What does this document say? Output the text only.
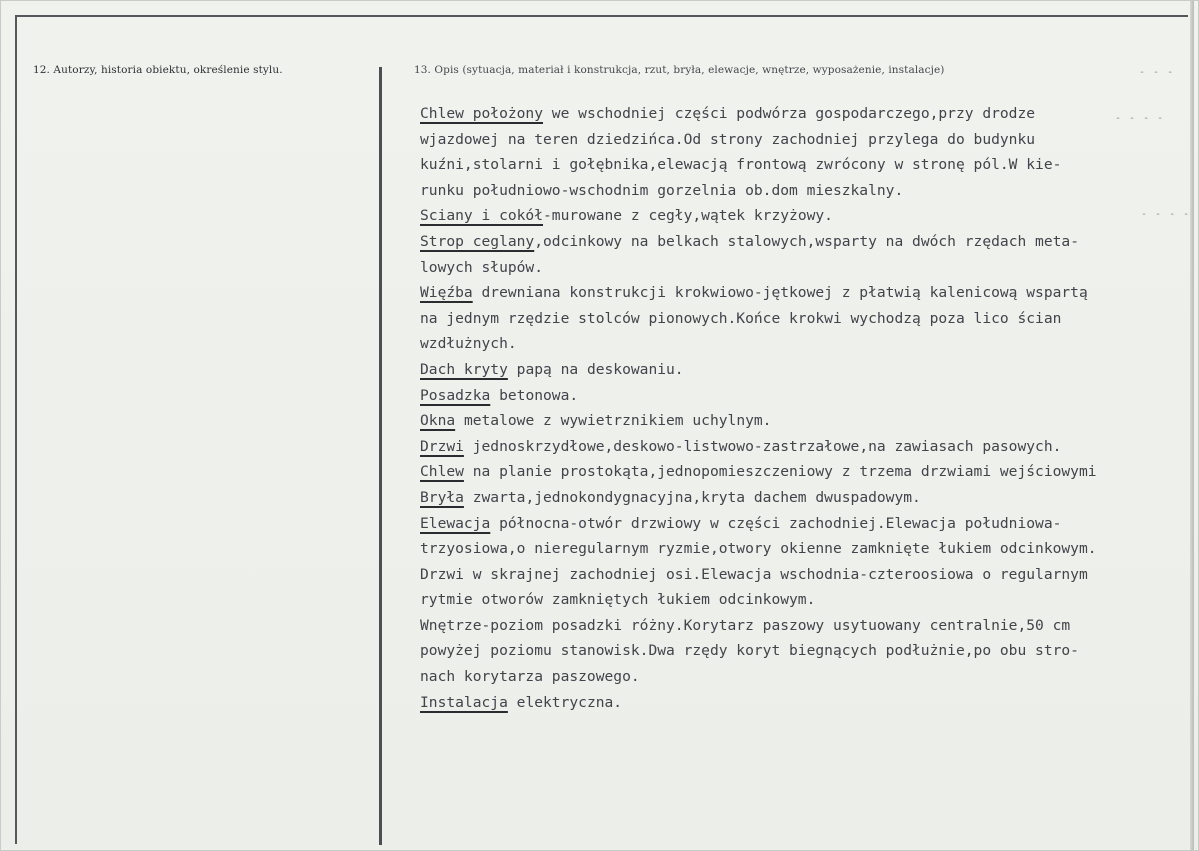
12. Autorzy, historia obiektu, określenie stylu.	13. Opis (sytuacja, materiał i konstrukcja, rzut, bryła, elewacje, wnętrze, wyposażenie, instalacje)	- - -
- - - -
- - - -
Chlew położony we wschodniej części podwórza gospodarczego,przy drodze
wjazdowej na teren dziedzińca.Od strony zachodniej przylega do budynku
kuźni,stolarni i gołębnika,elewacją frontową zwrócony w stronę pól.W kie-
runku południowo-wschodnim gorzelnia ob.dom mieszkalny.
Sciany i cokół-murowane z cegły,wątek krzyżowy.
Strop ceglany,odcinkowy na belkach stalowych,wsparty na dwóch rzędach meta-
lowych słupów.
Więźba drewniana konstrukcji krokwiowo-jętkowej z płatwią kalenicową wspartą
na jednym rzędzie stolców pionowych.Końce krokwi wychodzą poza lico ścian
wzdłużnych.
Dach kryty papą na deskowaniu.
Posadzka betonowa.
Okna metalowe z wywietrznikiem uchylnym.
Drzwi jednoskrzydłowe,deskowo-listwowo-zastrzałowe,na zawiasach pasowych.
Chlew na planie prostokąta,jednopomieszczeniowy z trzema drzwiami wejściowymi
Bryła zwarta,jednokondygnacyjna,kryta dachem dwuspadowym.
Elewacja północna-otwór drzwiowy w części zachodniej.Elewacja południowa-
trzyosiowa,o nieregularnym ryzmie,otwory okienne zamknięte łukiem odcinkowym.
Drzwi w skrajnej zachodniej osi.Elewacja wschodnia-czteroosiowa o regularnym
rytmie otworów zamkniętych łukiem odcinkowym.
Wnętrze-poziom posadzki różny.Korytarz paszowy usytuowany centralnie,50 cm
powyżej poziomu stanowisk.Dwa rzędy koryt biegnących podłużnie,po obu stro-
nach korytarza paszowego.
Instalacja elektryczna.
